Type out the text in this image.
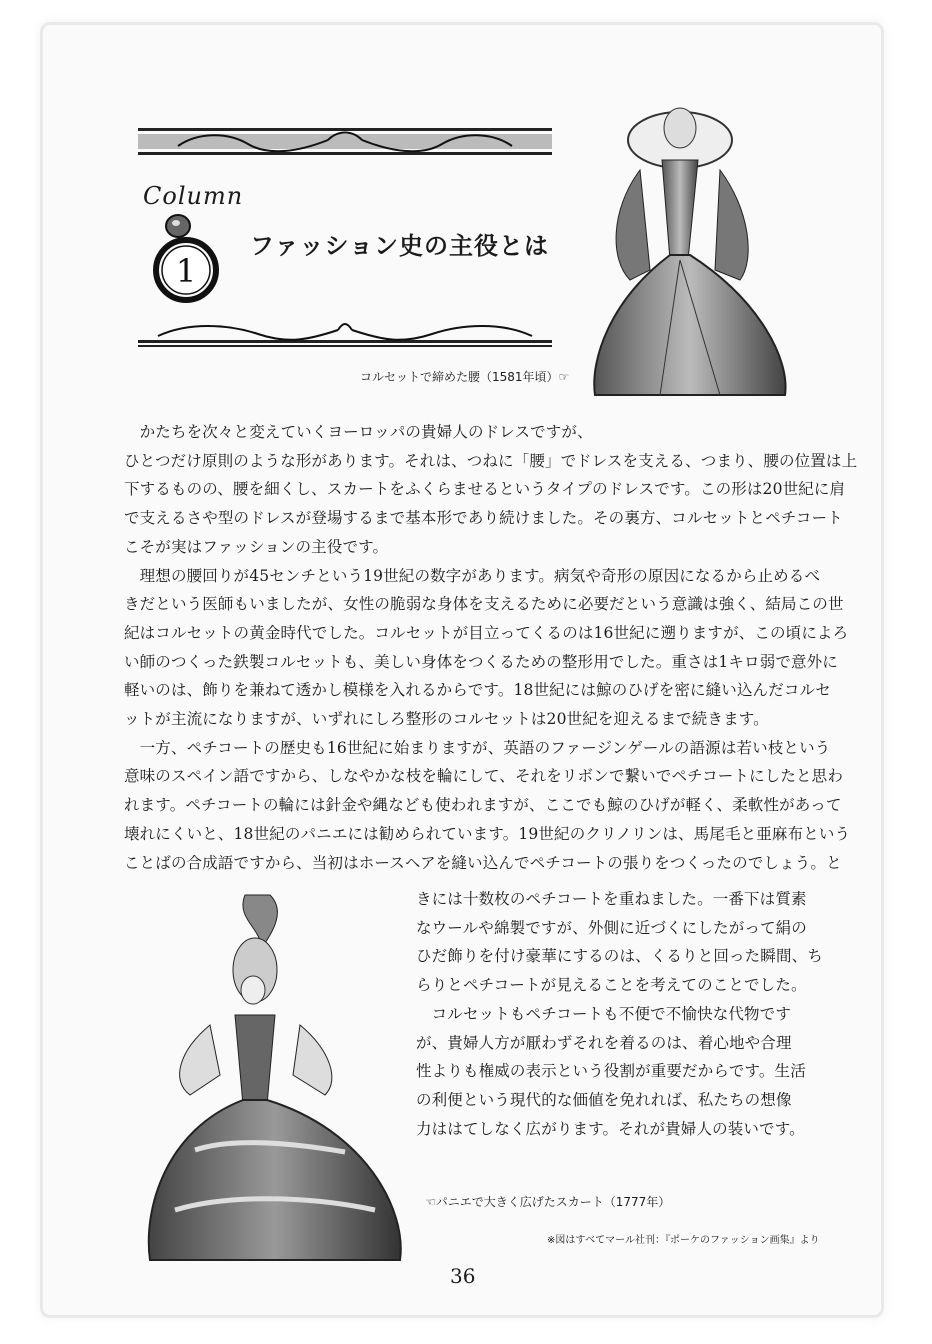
Column
1
ファッション史の主役とは
コルセットで締めた腰（1581年頃）☞

　かたちを次々と変えていくヨーロッパの貴婦人のドレスですが、

ひとつだけ原則のような形があります。それは、つねに「腰」でドレスを支える、つまり、腰の位置は上

下するものの、腰を細くし、スカートをふくらませるというタイプのドレスです。この形は20世紀に肩

で支えるさや型のドレスが登場するまで基本形であり続けました。その裏方、コルセットとペチコート

こそが実はファッションの主役です。

　理想の腰回りが45センチという19世紀の数字があります。病気や奇形の原因になるから止めるべ

きだという医師もいましたが、女性の脆弱な身体を支えるために必要だという意識は強く、結局この世

紀はコルセットの黄金時代でした。コルセットが目立ってくるのは16世紀に遡りますが、この頃によろ

い師のつくった鉄製コルセットも、美しい身体をつくるための整形用でした。重さは1キロ弱で意外に

軽いのは、飾りを兼ねて透かし模様を入れるからです。18世紀には鯨のひげを密に縫い込んだコルセ

ットが主流になりますが、いずれにしろ整形のコルセットは20世紀を迎えるまで続きます。

　一方、ペチコートの歴史も16世紀に始まりますが、英語のファージンゲールの語源は若い枝という

意味のスペイン語ですから、しなやかな枝を輪にして、それをリボンで繋いでペチコートにしたと思わ

れます。ペチコートの輪には針金や縄なども使われますが、ここでも鯨のひげが軽く、柔軟性があって

壊れにくいと、18世紀のパニエには勧められています。19世紀のクリノリンは、馬尾毛と亜麻布という

ことばの合成語ですから、当初はホースヘアを縫い込んでペチコートの張りをつくったのでしょう。と

きには十数枚のペチコートを重ねました。一番下は質素

なウールや綿製ですが、外側に近づくにしたがって絹の

ひだ飾りを付け豪華にするのは、くるりと回った瞬間、ち

らりとペチコートが見えることを考えてのことでした。

　コルセットもペチコートも不便で不愉快な代物です

が、貴婦人方が厭わずそれを着るのは、着心地や合理

性よりも権威の表示という役割が重要だからです。生活

の利便という現代的な価値を免れれば、私たちの想像

力ははてしなく広がります。それが貴婦人の装いです。

☜パニエで大きく広げたスカート（1777年）
※図はすべてマール社刊：『ポーケのファッション画集』より
36
